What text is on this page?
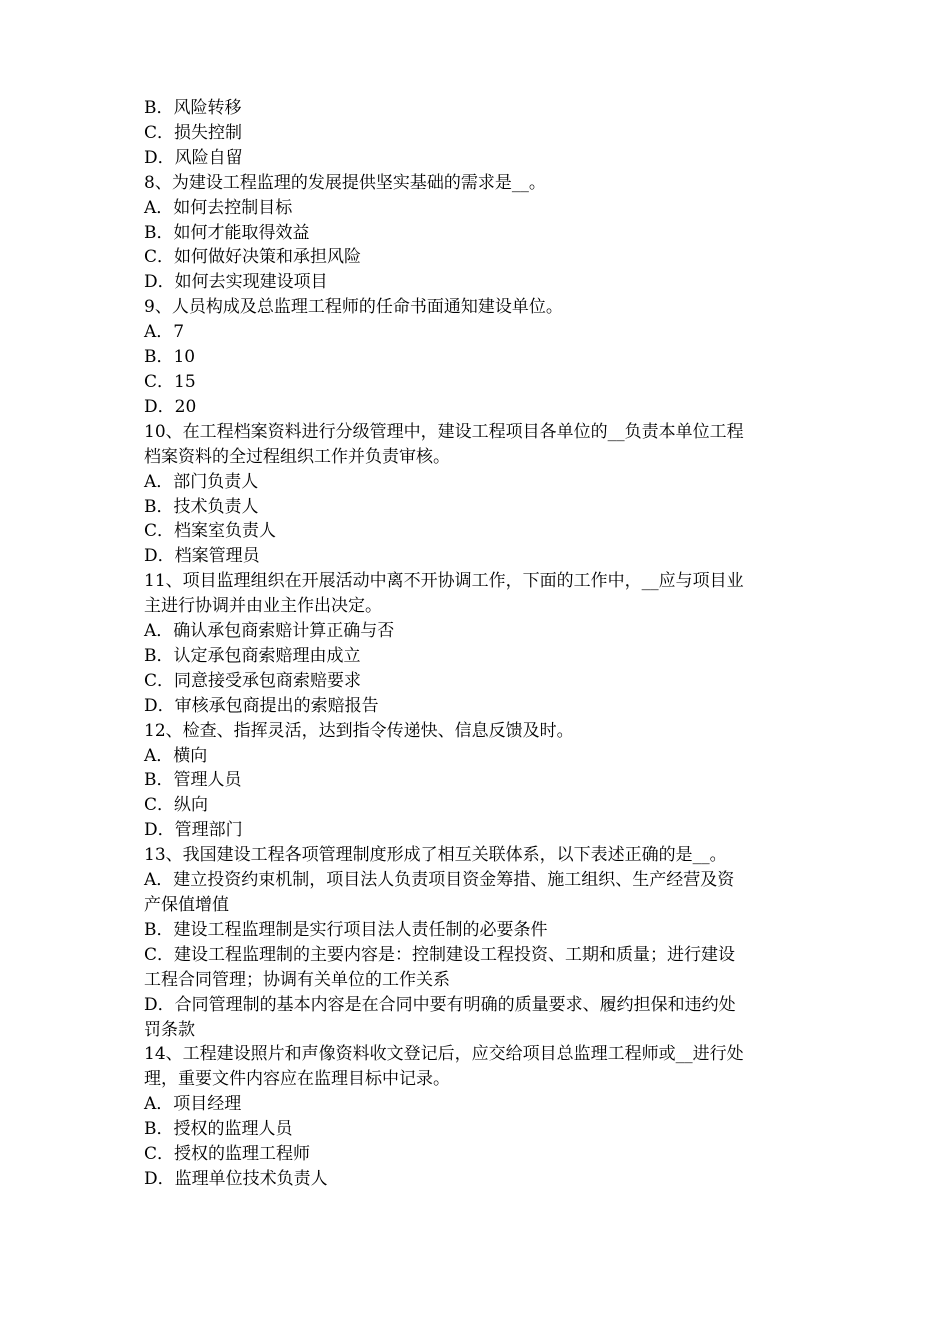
B．风险转移
C．损失控制
D．风险自留
8、为建设工程监理的发展提供坚实基础的需求是__。
A．如何去控制目标
B．如何才能取得效益
C．如何做好决策和承担风险
D．如何去实现建设项目
9、人员构成及总监理工程师的任命书面通知建设单位。
A．7
B．10
C．15
D．20
10、在工程档案资料进行分级管理中，建设工程项目各单位的__负责本单位工程
档案资料的全过程组织工作并负责审核。
A．部门负责人
B．技术负责人
C．档案室负责人
D．档案管理员
11、项目监理组织在开展活动中离不开协调工作，下面的工作中，__应与项目业
主进行协调并由业主作出决定。
A．确认承包商索赔计算正确与否
B．认定承包商索赔理由成立
C．同意接受承包商索赔要求
D．审核承包商提出的索赔报告
12、检查、指挥灵活，达到指令传递快、信息反馈及时。
A．横向
B．管理人员
C．纵向
D．管理部门
13、我国建设工程各项管理制度形成了相互关联体系，以下表述正确的是__。
A．建立投资约束机制，项目法人负责项目资金筹措、施工组织、生产经营及资
产保值增值
B．建设工程监理制是实行项目法人责任制的必要条件
C．建设工程监理制的主要内容是：控制建设工程投资、工期和质量；进行建设
工程合同管理；协调有关单位的工作关系
D．合同管理制的基本内容是在合同中要有明确的质量要求、履约担保和违约处
罚条款
14、工程建设照片和声像资料收文登记后，应交给项目总监理工程师或__进行处
理，重要文件内容应在监理目标中记录。
A．项目经理
B．授权的监理人员
C．授权的监理工程师
D．监理单位技术负责人
